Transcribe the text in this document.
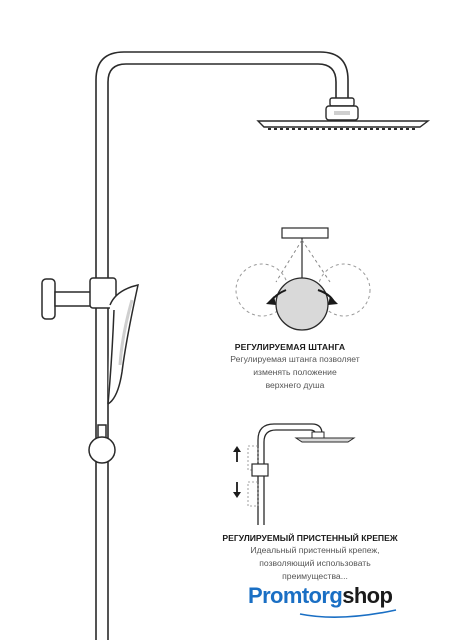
РЕГУЛИРУЕМАЯ ШТАНГА
Регулируемая штанга позволяет
изменять положение
верхнего душа
РЕГУЛИРУЕМЫЙ ПРИСТЕННЫЙ КРЕПЕЖ
Идеальный пристенный крепеж,
позволяющий использовать
преимущества...
Promtorgshop
